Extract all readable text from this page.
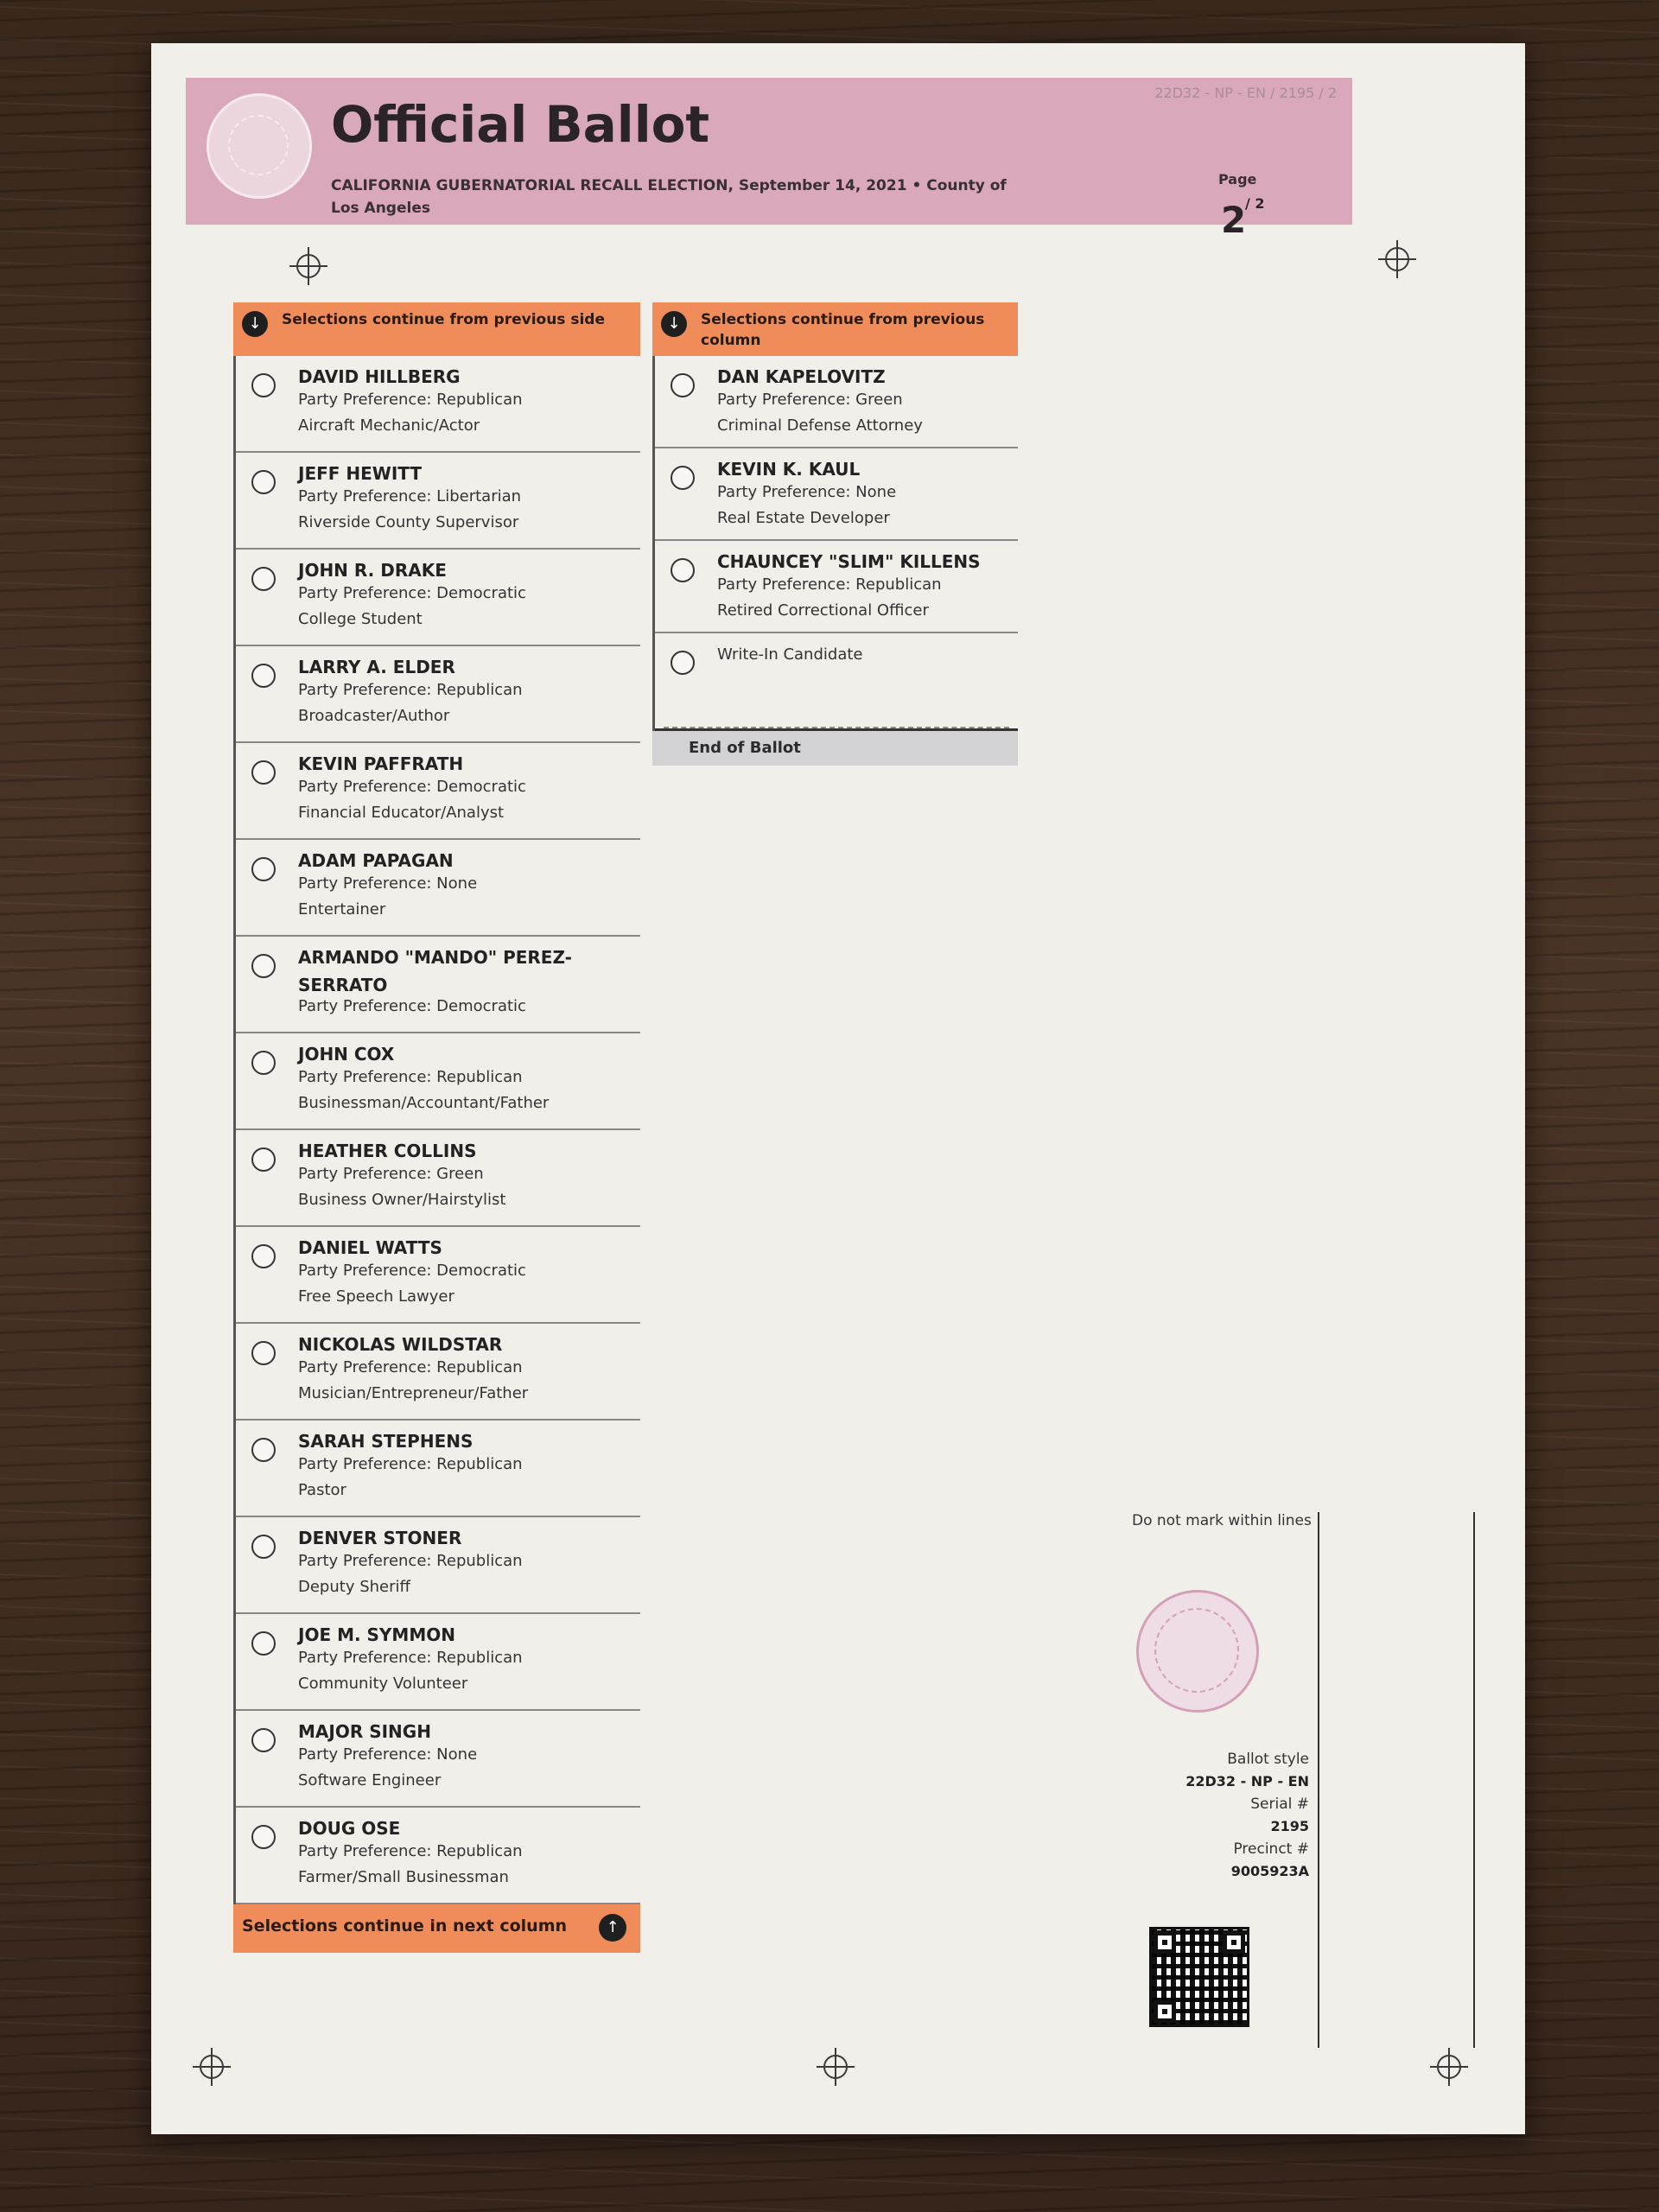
Official Ballot
CALIFORNIA GUBERNATORIAL RECALL ELECTION, September 14, 2021 • County of Los Angeles
22D32 - NP - EN / 2195 / 2
Page
2
/ 2
↓	Selections continue from previous side
DAVID HILLBERG
Party Preference: Republican
Aircraft Mechanic/Actor
JEFF HEWITT
Party Preference: Libertarian
Riverside County Supervisor
JOHN R. DRAKE
Party Preference: Democratic
College Student
LARRY A. ELDER
Party Preference: Republican
Broadcaster/Author
KEVIN PAFFRATH
Party Preference: Democratic
Financial Educator/Analyst
ADAM PAPAGAN
Party Preference: None
Entertainer
ARMANDO "MANDO" PEREZ-SERRATO
Party Preference: Democratic
JOHN COX
Party Preference: Republican
Businessman/Accountant/Father
HEATHER COLLINS
Party Preference: Green
Business Owner/Hairstylist
DANIEL WATTS
Party Preference: Democratic
Free Speech Lawyer
NICKOLAS WILDSTAR
Party Preference: Republican
Musician/Entrepreneur/Father
SARAH STEPHENS
Party Preference: Republican
Pastor
DENVER STONER
Party Preference: Republican
Deputy Sheriff
JOE M. SYMMON
Party Preference: Republican
Community Volunteer
MAJOR SINGH
Party Preference: None
Software Engineer
DOUG OSE
Party Preference: Republican
Farmer/Small Businessman
Selections continue in next column	↑
↓	Selections continue from previous column
DAN KAPELOVITZ
Party Preference: Green
Criminal Defense Attorney
KEVIN K. KAUL
Party Preference: None
Real Estate Developer
CHAUNCEY "SLIM" KILLENS
Party Preference: Republican
Retired Correctional Officer
Write-In Candidate
End of Ballot
Do not mark within lines
Ballot style
22D32 - NP - EN
Serial #
2195
Precinct #
9005923A
